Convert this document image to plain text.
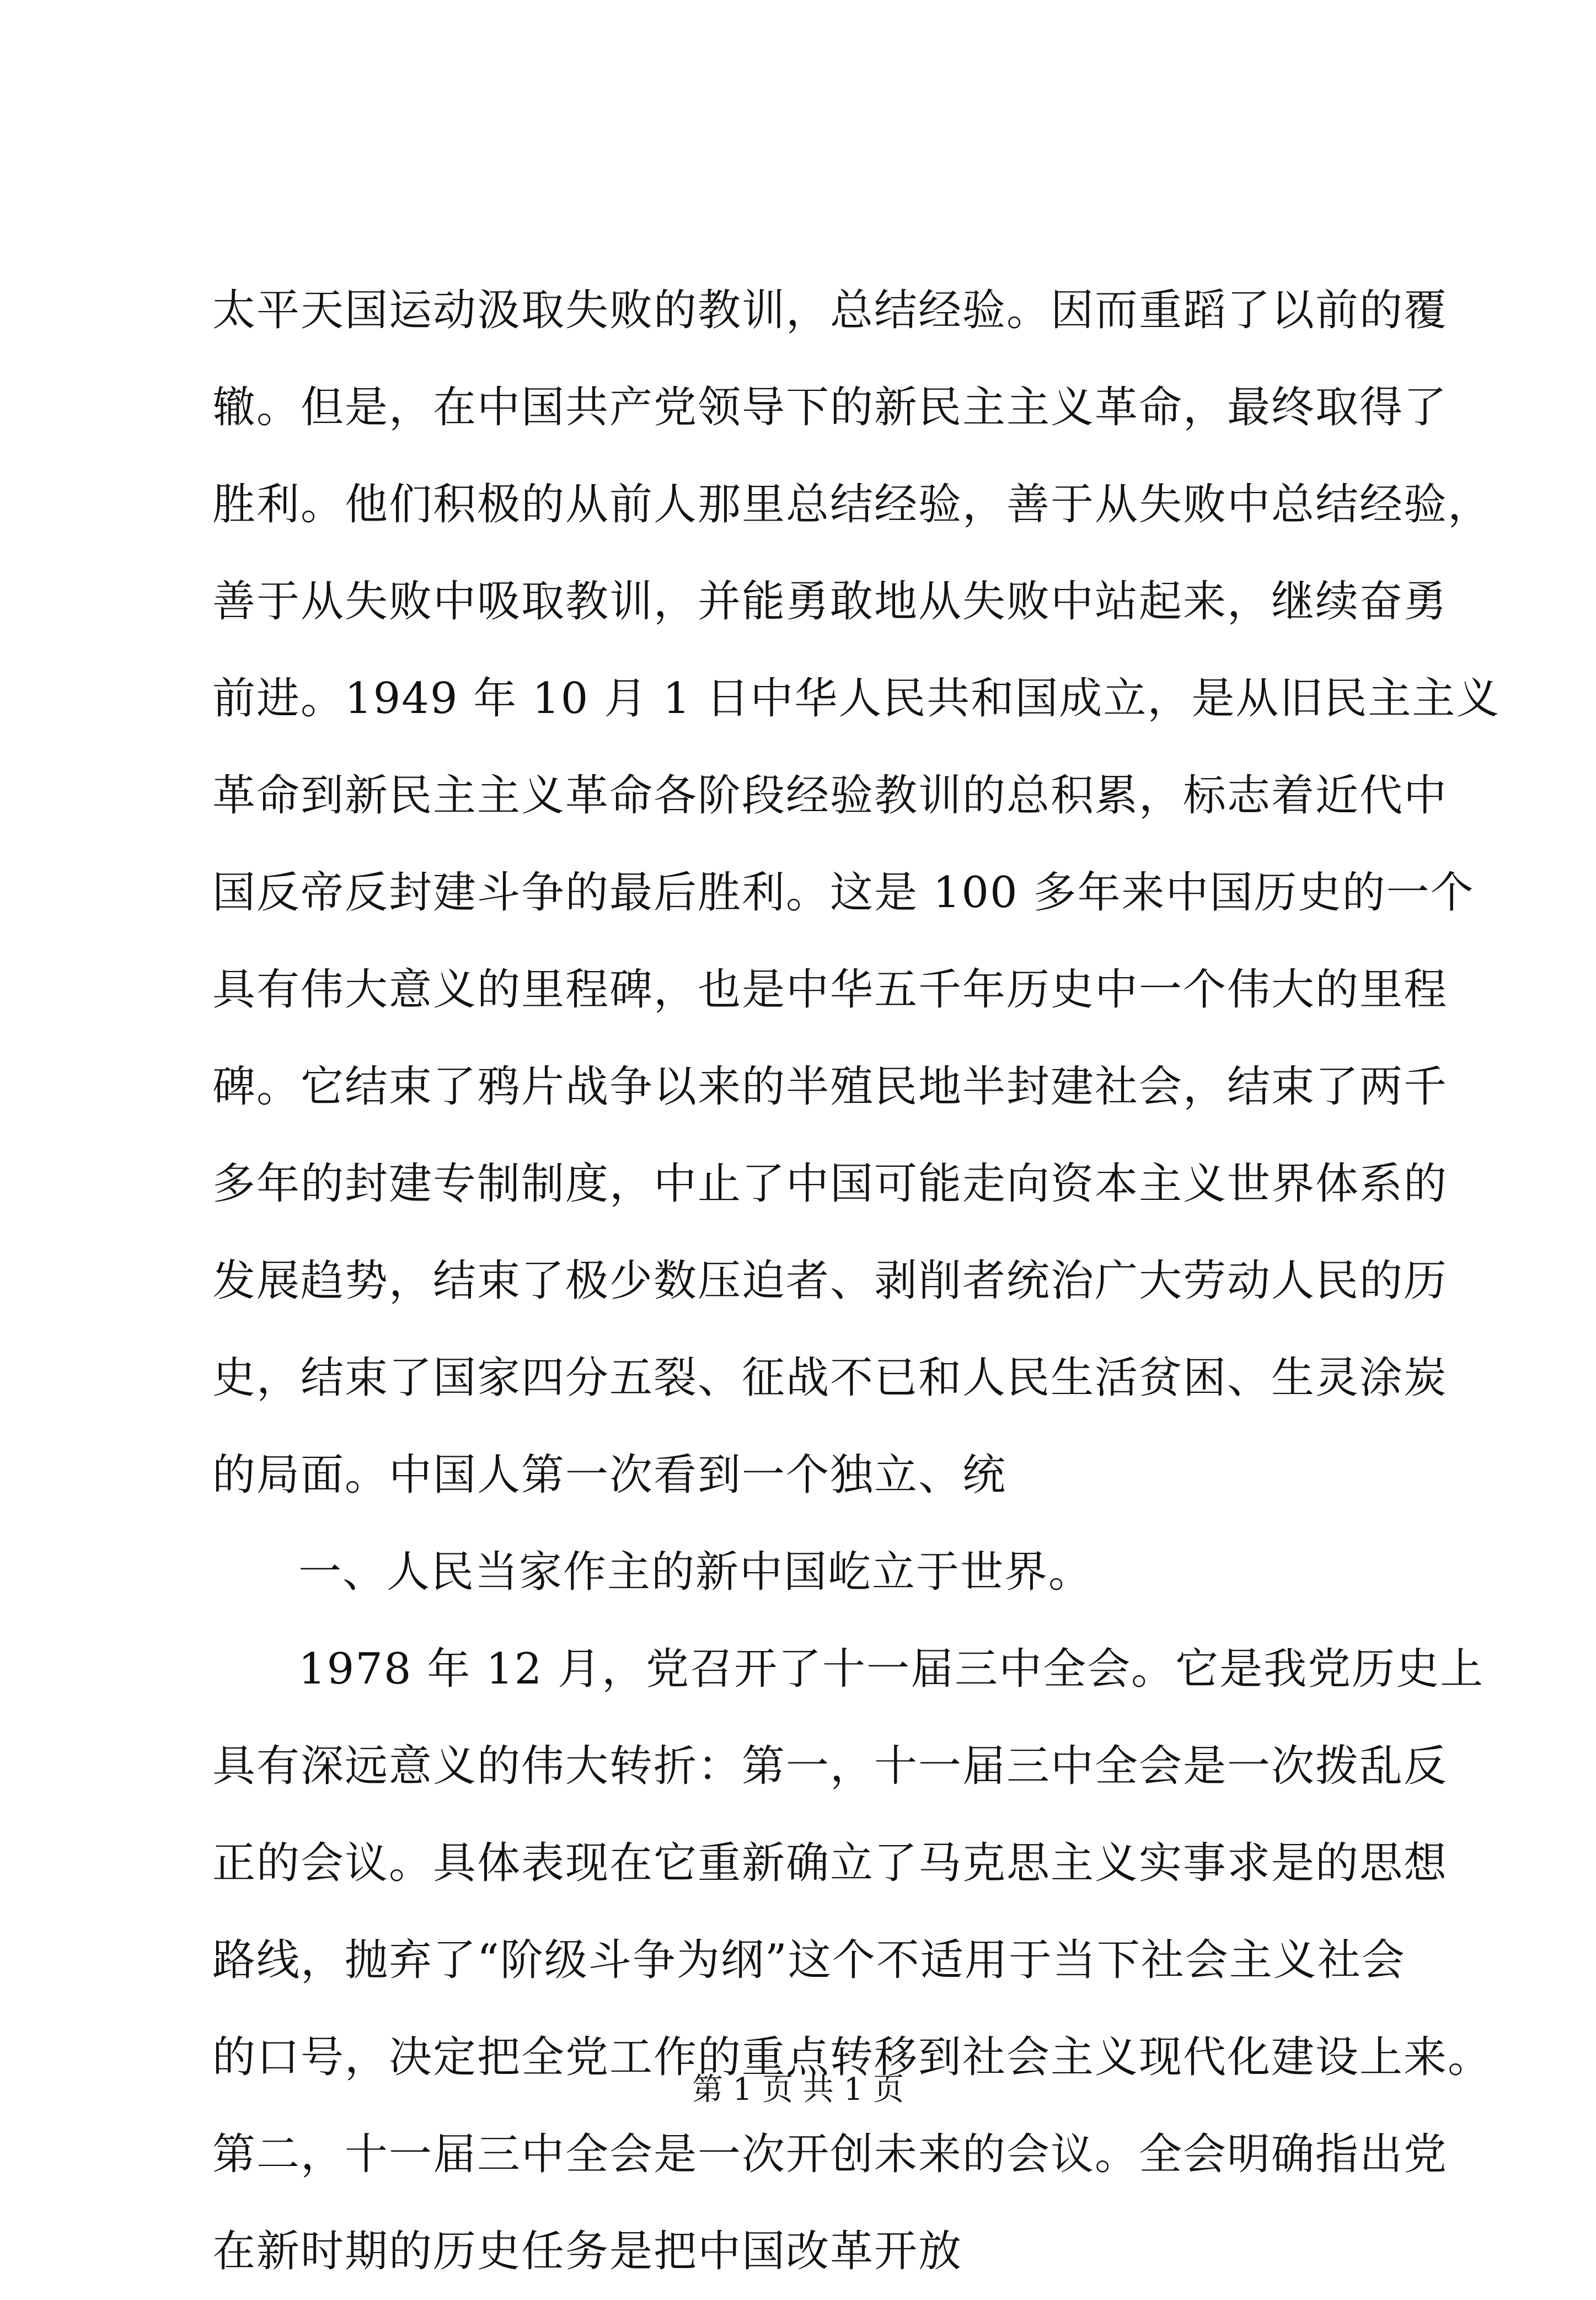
太平天国运动汲取失败的教训，总结经验。因而重蹈了以前的覆
辙。但是，在中国共产党领导下的新民主主义革命，最终取得了
胜利。他们积极的从前人那里总结经验，善于从失败中总结经验，
善于从失败中吸取教训，并能勇敢地从失败中站起来，继续奋勇
前进。1949 年 10 月 1 日中华人民共和国成立，是从旧民主主义
革命到新民主主义革命各阶段经验教训的总积累，标志着近代中
国反帝反封建斗争的最后胜利。这是 100 多年来中国历史的一个
具有伟大意义的里程碑，也是中华五千年历史中一个伟大的里程
碑。它结束了鸦片战争以来的半殖民地半封建社会，结束了两千
多年的封建专制制度，中止了中国可能走向资本主义世界体系的
发展趋势，结束了极少数压迫者、剥削者统治广大劳动人民的历
史，结束了国家四分五裂、征战不已和人民生活贫困、生灵涂炭
的局面。中国人第一次看到一个独立、统
一、人民当家作主的新中国屹立于世界。
1978 年 12 月，党召开了十一届三中全会。它是我党历史上
具有深远意义的伟大转折：第一，十一届三中全会是一次拨乱反
正的会议。具体表现在它重新确立了马克思主义实事求是的思想
路线，抛弃了“阶级斗争为纲”这个不适用于当下社会主义社会
的口号，决定把全党工作的重点转移到社会主义现代化建设上来。
第二，十一届三中全会是一次开创未来的会议。全会明确指出党
在新时期的历史任务是把中国改革开放
第 1 页 共 1 页
